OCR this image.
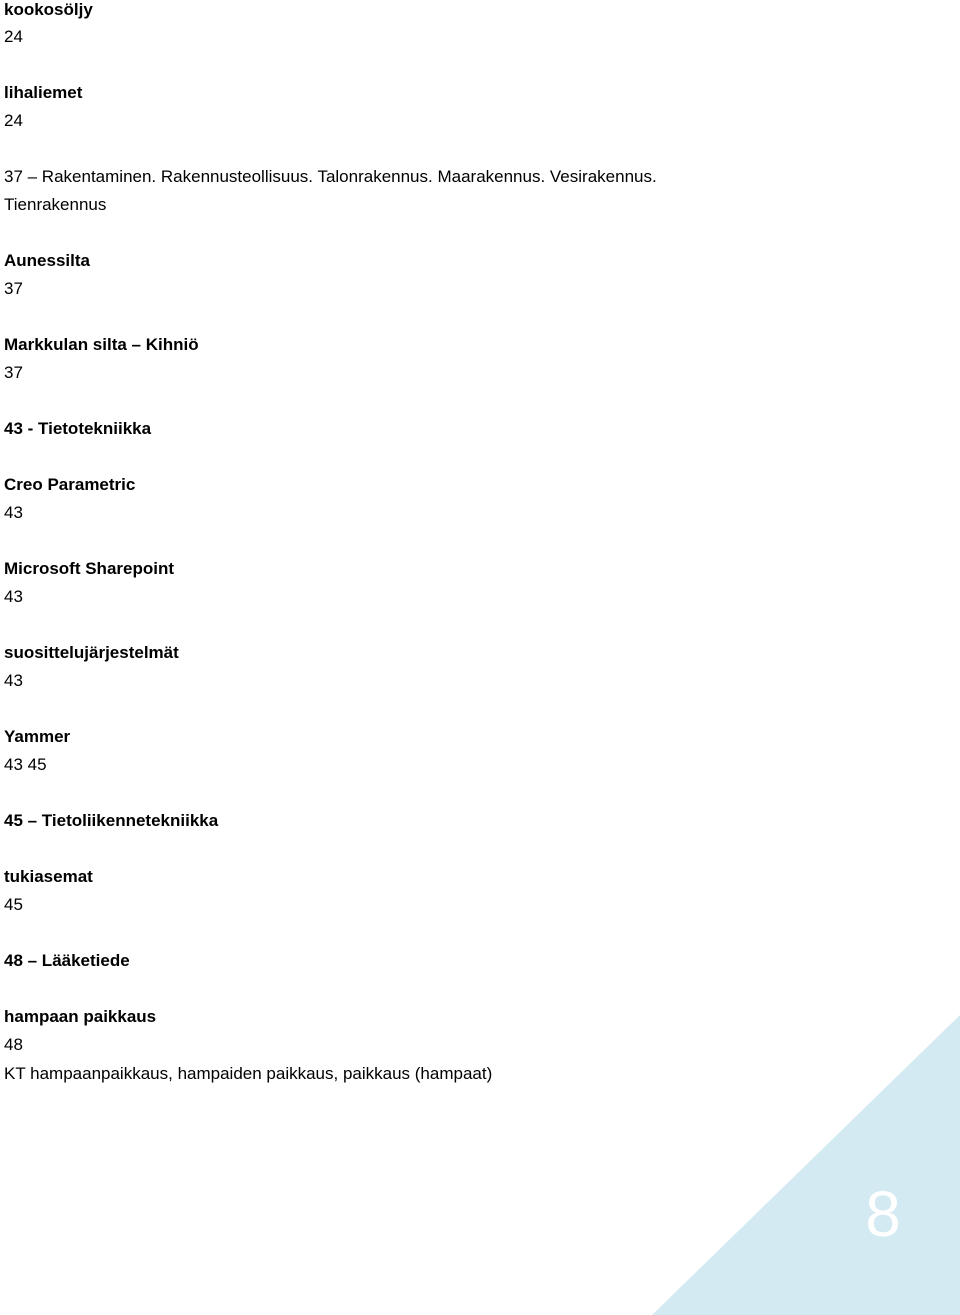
kookosöljy
24
lihaliemet
24
37 – Rakentaminen. Rakennusteollisuus. Talonrakennus. Maarakennus. Vesirakennus.
Tienrakennus
Aunessilta
37
Markkulan silta – Kihniö
37
43 - Tietotekniikka
Creo Parametric
43
Microsoft Sharepoint
43
suosittelujärjestelmät
43
Yammer
43 45
45 – Tietoliikennetekniikka
tukiasemat
45
48 – Lääketiede
hampaan paikkaus
48
KT hampaanpaikkaus, hampaiden paikkaus, paikkaus (hampaat)
8
